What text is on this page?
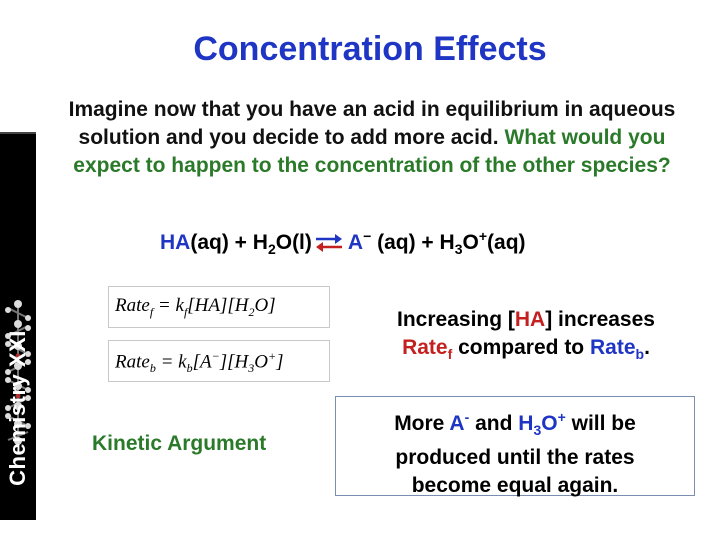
Chemistry XXI
Concentration Effects
Imagine now that you have an acid in equilibrium in aqueous solution and you decide to add more acid. What would you expect to happen to the concentration of the other species?
$HA(aq) + H_2O(l)$ ⇌ A− $(aq) + H_3O^+(aq)$
Rate$_f$ = $k_f[HA][H_2O]$
Rate$_b$ = $k_b[A^-][H_3O^+]$
Increasing [HA] increases
Rate$_f$ compared to Rate$_b$.
Kinetic Argument
More A- and $H_3O^+$ will be
produced until the rates
become equal again.
